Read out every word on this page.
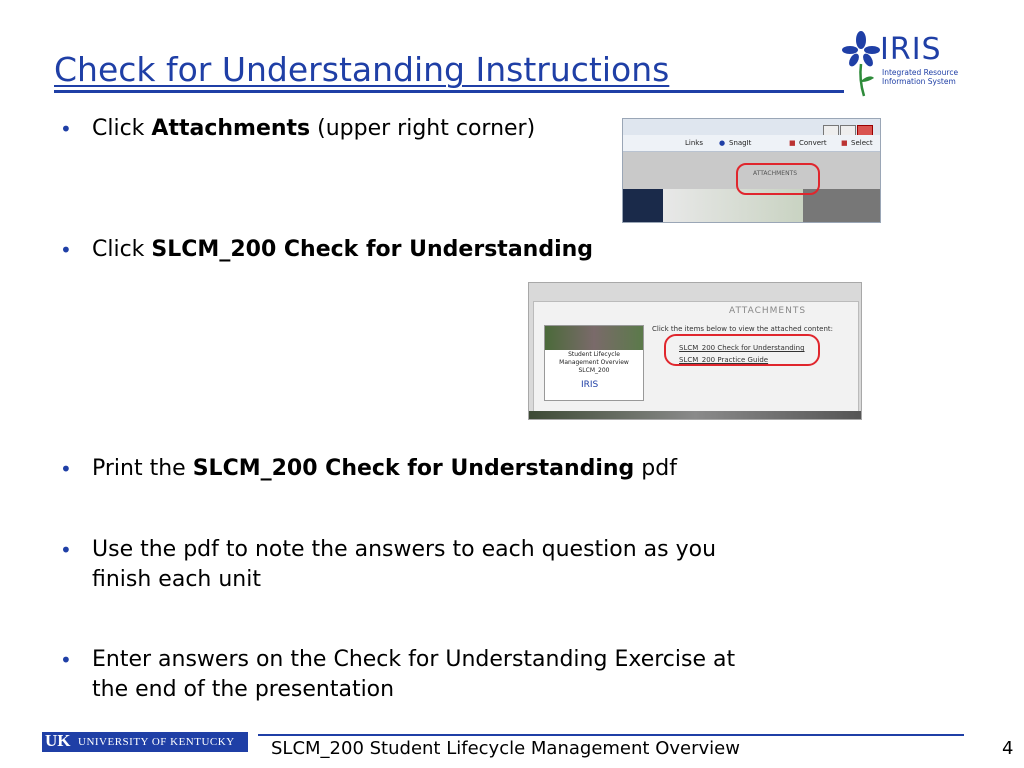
Check for Understanding Instructions
IRIS
Integrated Resource
Information System
• Click Attachments (upper right corner)
Links ● SnagIt	■ Convert ■ Select
ATTACHMENTS
• Click SLCM_200 Check for Understanding
ATTACHMENTS
Click the items below to view the attached content:
SLCM_200 Check for Understanding
SLCM_200 Practice Guide
Student Lifecycle Management Overview SLCM_200
IRIS
• Print the SLCM_200 Check for Understanding pdf
• Use the pdf to note the answers to each question as you
finish each unit
• Enter answers on the Check for Understanding Exercise at
the end of the presentation
UK UNIVERSITY OF KENTUCKY SLCM_200 Student Lifecycle Management Overview	4
